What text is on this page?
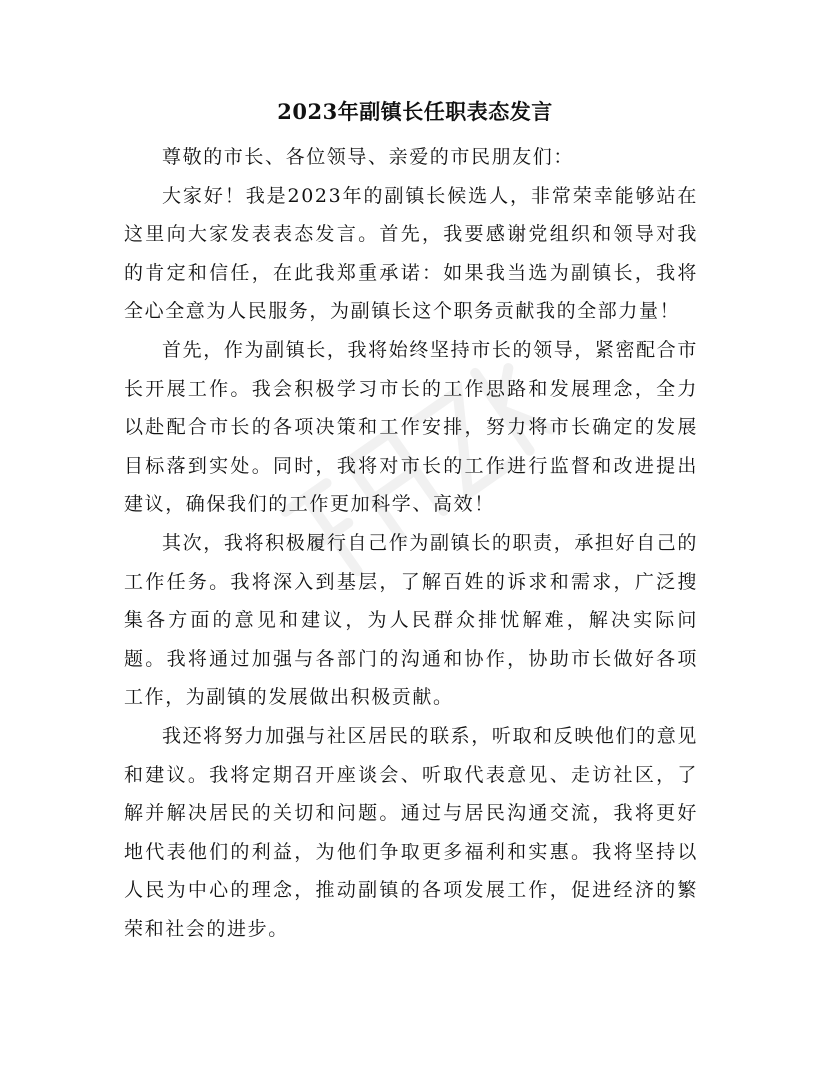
2023年副镇长任职表态发言

尊敬的市长、各位领导、亲爱的市民朋友们：

大家好！我是2023年的副镇长候选人，非常荣幸能够站在这里向大家发表表态发言。首先，我要感谢党组织和领导对我的肯定和信任，在此我郑重承诺：如果我当选为副镇长，我将全心全意为人民服务，为副镇长这个职务贡献我的全部力量！

首先，作为副镇长，我将始终坚持市长的领导，紧密配合市长开展工作。我会积极学习市长的工作思路和发展理念，全力以赴配合市长的各项决策和工作安排，努力将市长确定的发展目标落到实处。同时，我将对市长的工作进行监督和改进提出建议，确保我们的工作更加科学、高效！

其次，我将积极履行自己作为副镇长的职责，承担好自己的工作任务。我将深入到基层，了解百姓的诉求和需求，广泛搜集各方面的意见和建议，为人民群众排忧解难，解决实际问题。我将通过加强与各部门的沟通和协作，协助市长做好各项工作，为副镇的发展做出积极贡献。

我还将努力加强与社区居民的联系，听取和反映他们的意见和建议。我将定期召开座谈会、听取代表意见、走访社区，了解并解决居民的关切和问题。通过与居民沟通交流，我将更好地代表他们的利益，为他们争取更多福利和实惠。我将坚持以人民为中心的理念，推动副镇的各项发展工作，促进经济的繁荣和社会的进步。
